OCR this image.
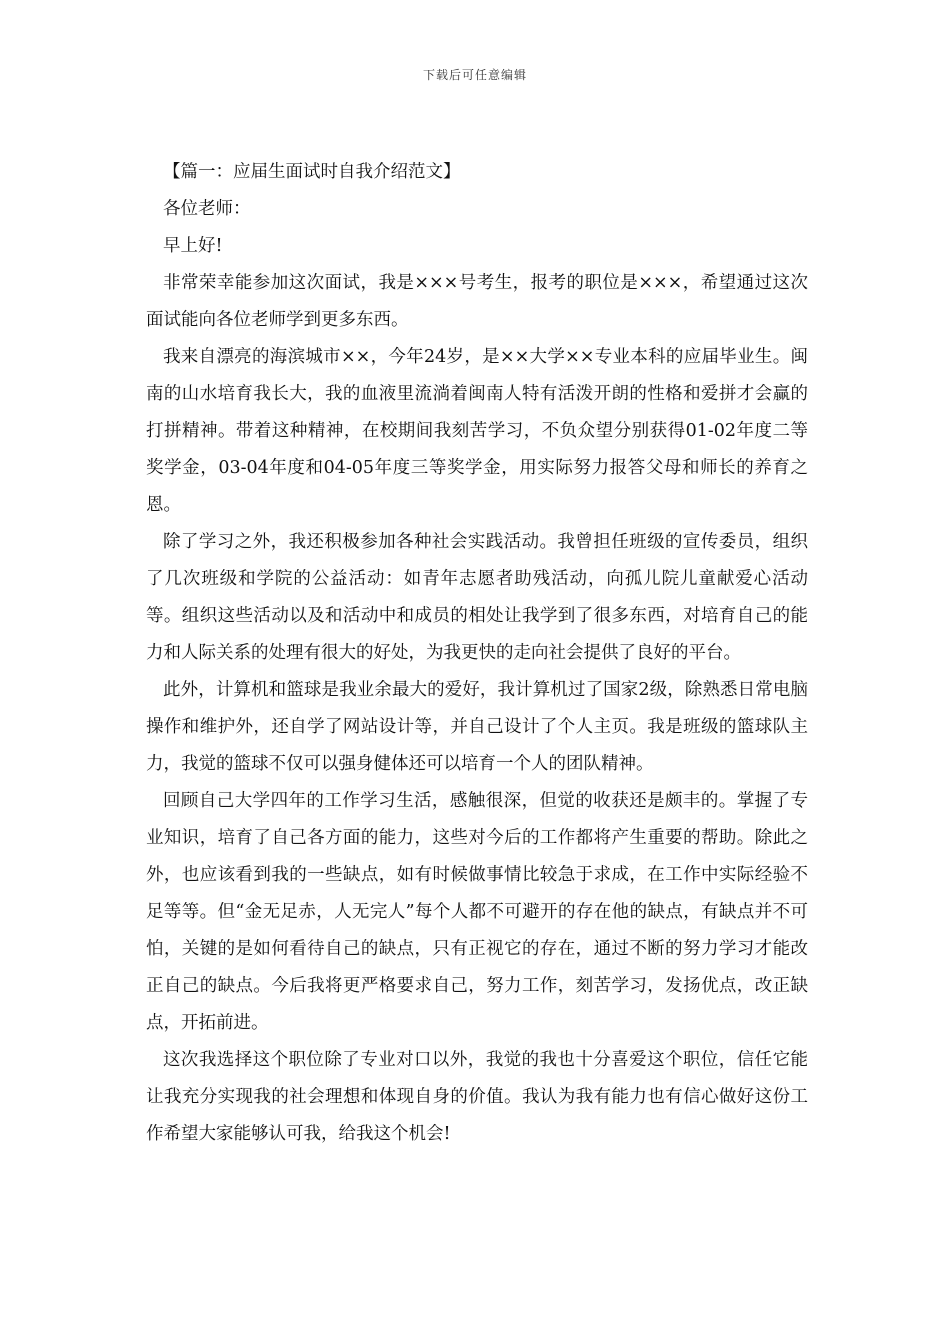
下载后可任意编辑

【篇一：应届生面试时自我介绍范文】

各位老师：

早上好!

非常荣幸能参加这次面试，我是×××号考生，报考的职位是×××，希望通过这次面试能向各位老师学到更多东西。

我来自漂亮的海滨城市××，今年24岁，是××大学××专业本科的应届毕业生。闽南的山水培育我长大，我的血液里流淌着闽南人特有活泼开朗的性格和爱拼才会赢的打拼精神。带着这种精神，在校期间我刻苦学习，不负众望分别获得01-02年度二等奖学金，03-04年度和04-05年度三等奖学金，用实际努力报答父母和师长的养育之恩。

除了学习之外，我还积极参加各种社会实践活动。我曾担任班级的宣传委员，组织了几次班级和学院的公益活动：如青年志愿者助残活动，向孤儿院儿童献爱心活动等。组织这些活动以及和活动中和成员的相处让我学到了很多东西，对培育自己的能力和人际关系的处理有很大的好处，为我更快的走向社会提供了良好的平台。

此外，计算机和篮球是我业余最大的爱好，我计算机过了国家2级，除熟悉日常电脑操作和维护外，还自学了网站设计等，并自己设计了个人主页。我是班级的篮球队主力，我觉的篮球不仅可以强身健体还可以培育一个人的团队精神。

回顾自己大学四年的工作学习生活，感触很深，但觉的收获还是颇丰的。掌握了专业知识，培育了自己各方面的能力，这些对今后的工作都将产生重要的帮助。除此之外，也应该看到我的一些缺点，如有时候做事情比较急于求成，在工作中实际经验不足等等。但“金无足赤，人无完人”每个人都不可避开的存在他的缺点，有缺点并不可怕，关键的是如何看待自己的缺点，只有正视它的存在，通过不断的努力学习才能改正自己的缺点。今后我将更严格要求自己，努力工作，刻苦学习，发扬优点，改正缺点，开拓前进。

这次我选择这个职位除了专业对口以外，我觉的我也十分喜爱这个职位，信任它能让我充分实现我的社会理想和体现自身的价值。我认为我有能力也有信心做好这份工作希望大家能够认可我，给我这个机会!
